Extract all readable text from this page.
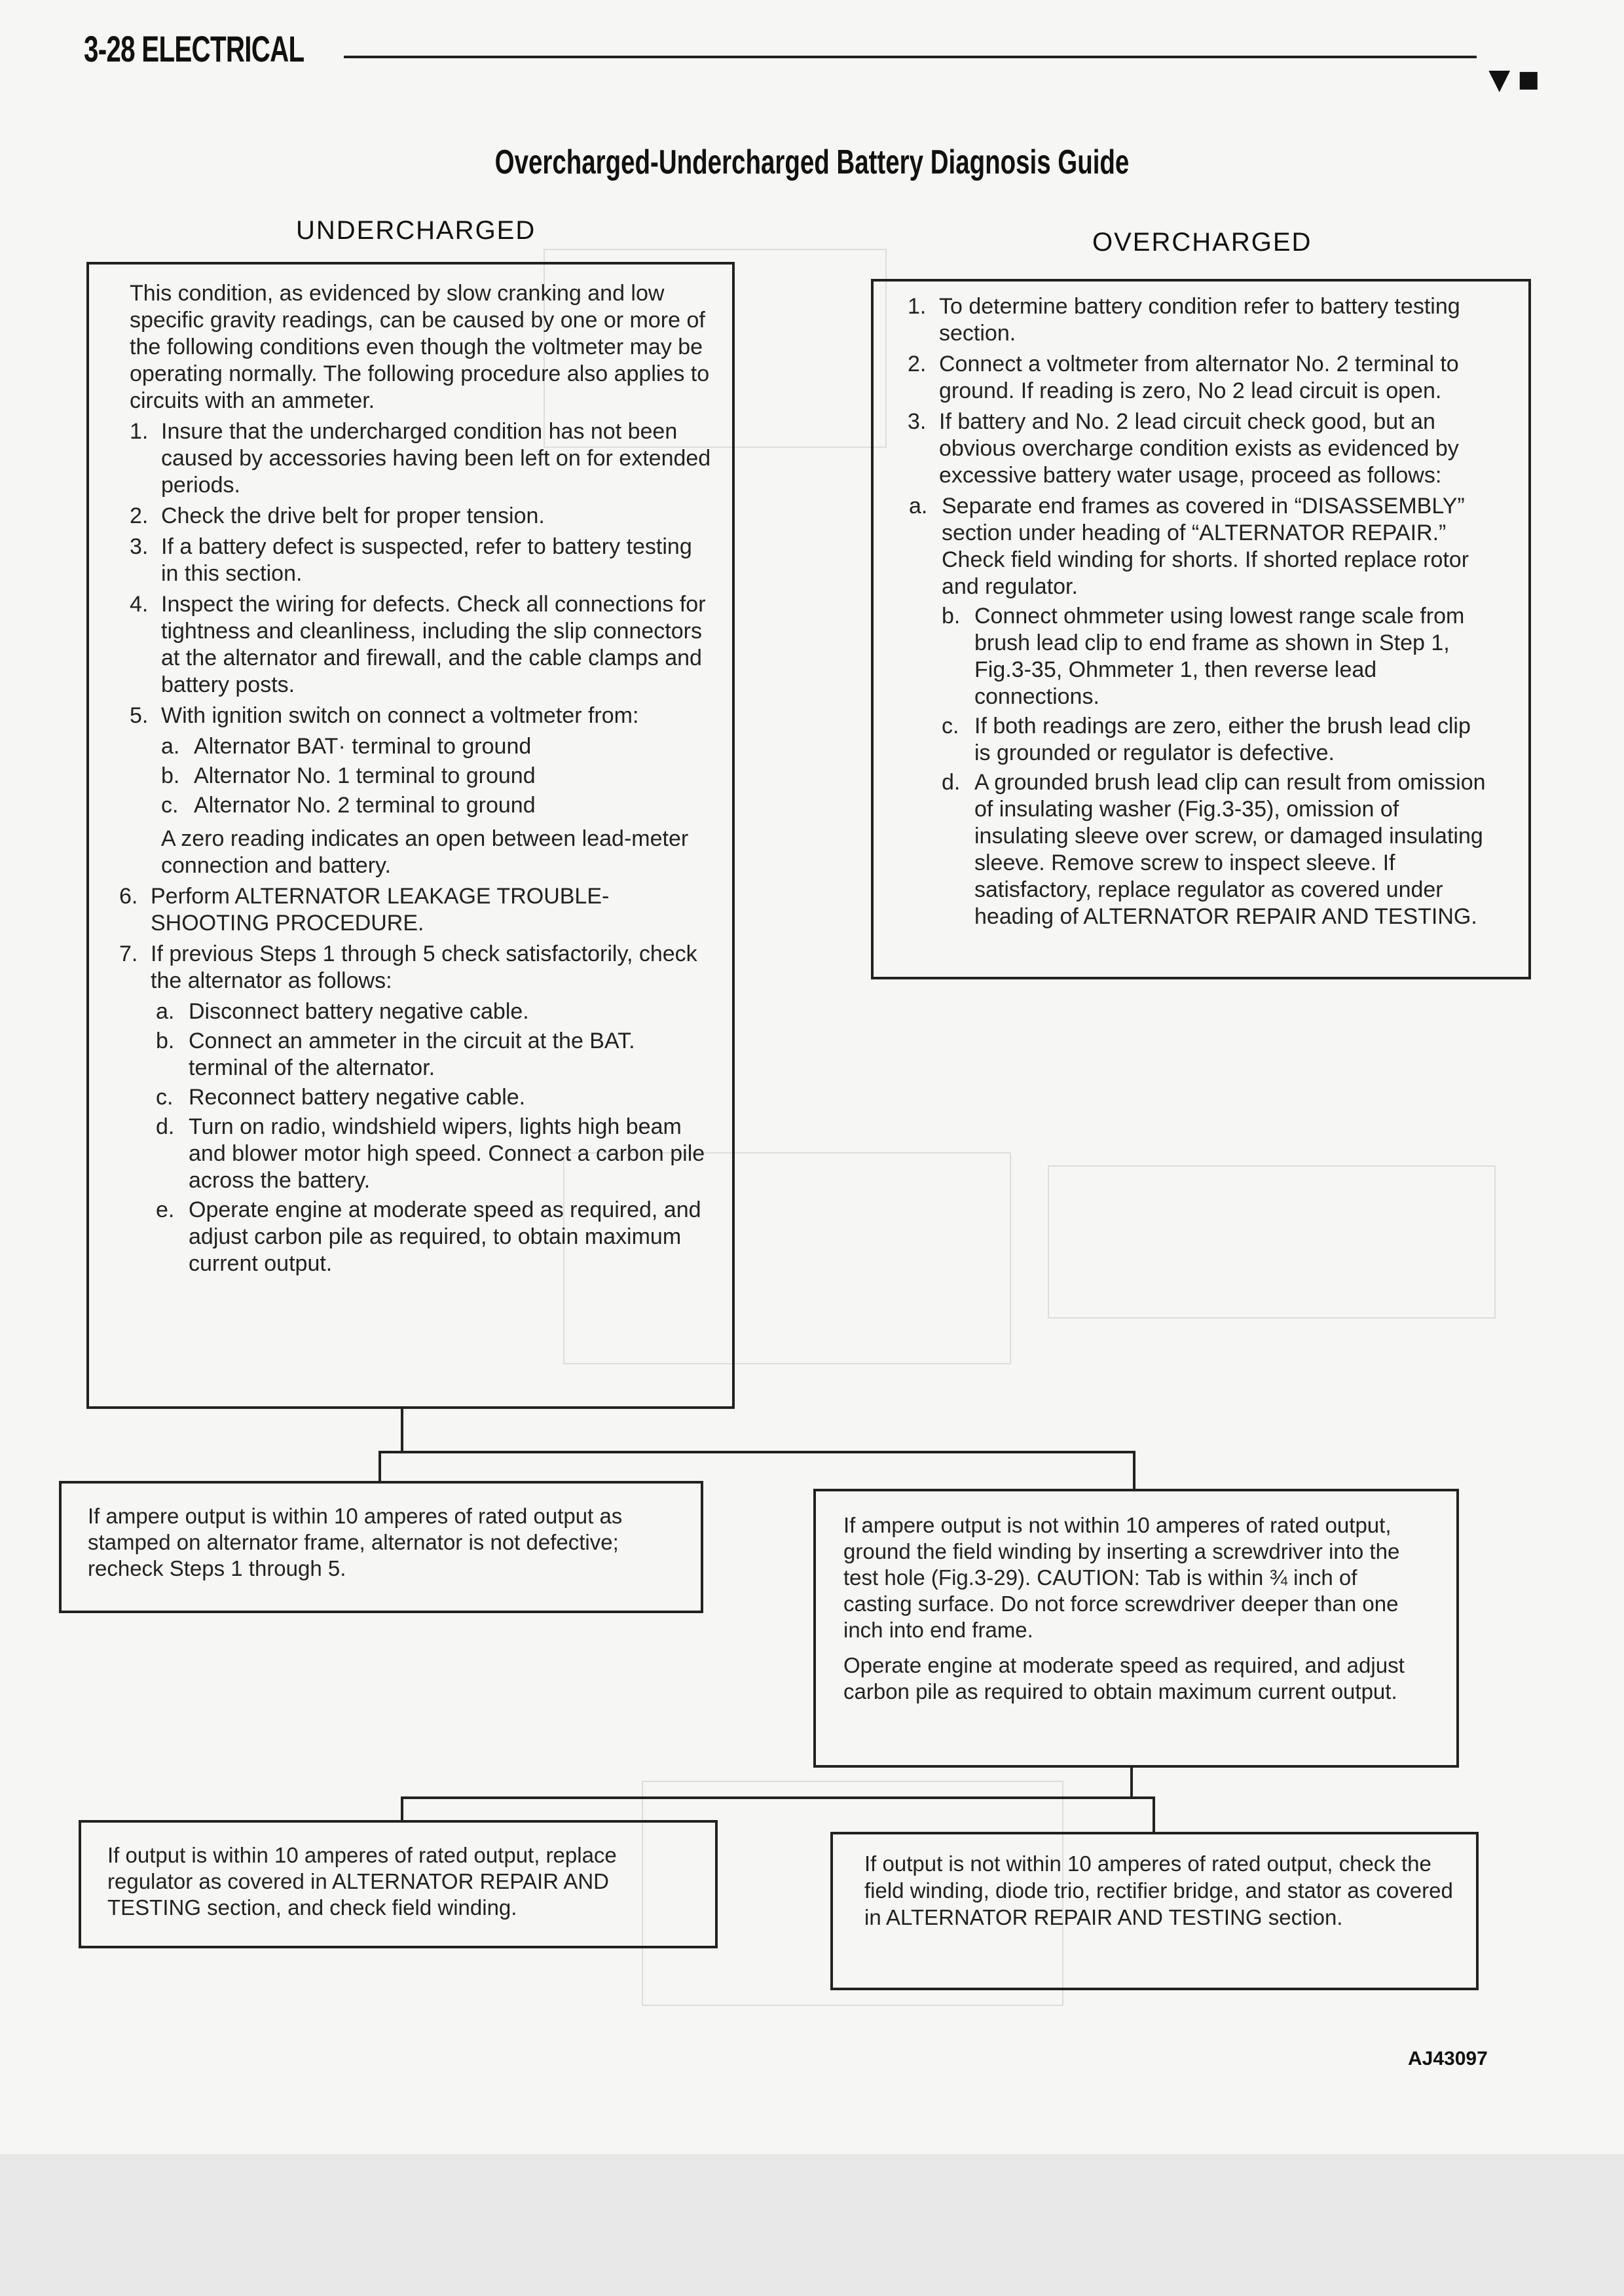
3-28 ELECTRICAL
▼■
Overcharged-Undercharged Battery Diagnosis Guide
UNDERCHARGED	OVERCHARGED

This condition, as evidenced by slow cranking and low specific gravity readings, can be caused by one or more of the following conditions even though the voltmeter may be operating normally. The following procedure also applies to circuits with an ammeter.

1. Insure that the undercharged condition has not been caused by accessories having been left on for extended periods.
2. Check the drive belt for proper tension.
3. If a battery defect is suspected, refer to battery testing in this section.
4. Inspect the wiring for defects. Check all connections for tightness and cleanliness, including the slip connectors at the alternator and firewall, and the cable clamps and battery posts.
5. With ignition switch on connect a voltmeter from:
a. Alternator BAT· terminal to ground
b. Alternator No. 1 terminal to ground
c. Alternator No. 2 terminal to ground

A zero reading indicates an open between lead-meter connection and battery.

6. Perform ALTERNATOR LEAKAGE TROUBLE-SHOOTING PROCEDURE.
7. If previous Steps 1 through 5 check satisfactorily, check the alternator as follows:
a. Disconnect battery negative cable.
b. Connect an ammeter in the circuit at the BAT. terminal of the alternator.
c. Reconnect battery negative cable.
d. Turn on radio, windshield wipers, lights high beam and blower motor high speed. Connect a carbon pile across the battery.
e. Operate engine at moderate speed as required, and adjust carbon pile as required, to obtain maximum current output.
1. To determine battery condition refer to battery testing section.
2. Connect a voltmeter from alternator No. 2 terminal to ground. If reading is zero, No 2 lead circuit is open.
3. If battery and No. 2 lead circuit check good, but an obvious overcharge condition exists as evidenced by excessive battery water usage, proceed as follows:
a. Separate end frames as covered in “DISASSEMBLY” section under heading of “ALTERNATOR REPAIR.” Check field winding for shorts. If shorted replace rotor and regulator.
b. Connect ohmmeter using lowest range scale from brush lead clip to end frame as shown in Step 1, Fig.3-35, Ohmmeter 1, then reverse lead connections.
c. If both readings are zero, either the brush lead clip is grounded or regulator is defective.
d. A grounded brush lead clip can result from omission of insulating washer (Fig.3-35), omission of insulating sleeve over screw, or damaged insulating sleeve. Remove screw to inspect sleeve. If satisfactory, replace regulator as covered under heading of ALTERNATOR REPAIR AND TESTING.
If ampere output is within 10 amperes of rated output as stamped on alternator frame, alternator is not defective; recheck Steps 1 through 5.

If ampere output is not within 10 amperes of rated output, ground the field winding by inserting a screwdriver into the test hole (Fig.3-29). CAUTION: Tab is within ¾ inch of casting surface. Do not force screwdriver deeper than one inch into end frame.

Operate engine at moderate speed as required, and adjust carbon pile as required to obtain maximum current output.

If output is within 10 amperes of rated output, replace regulator as covered in ALTERNATOR REPAIR AND TESTING section, and check field winding.
If output is not within 10 amperes of rated output, check the field winding, diode trio, rectifier bridge, and stator as covered in ALTERNATOR REPAIR AND TESTING section.
AJ43097
